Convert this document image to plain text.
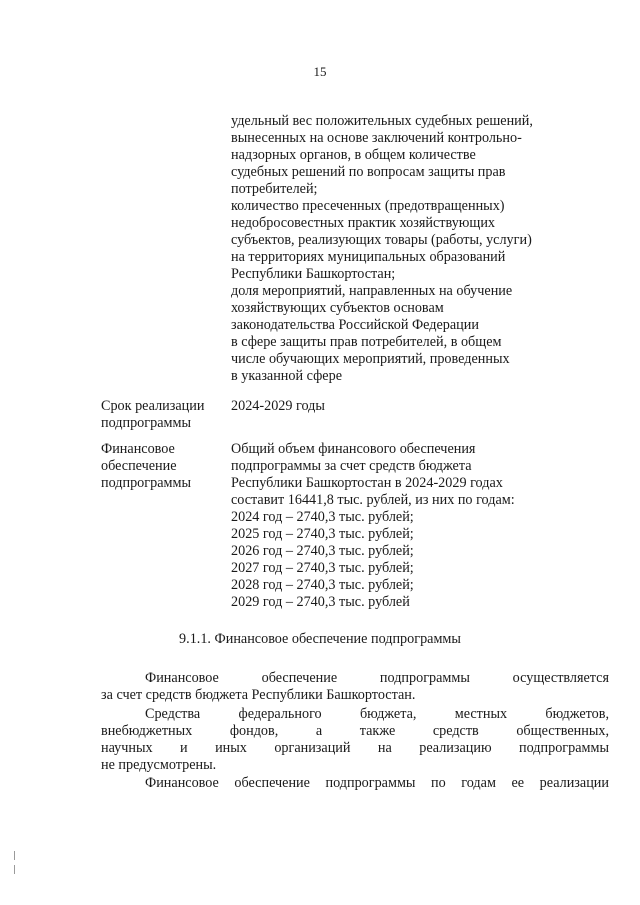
15
удельный вес положительных судебных решений,
вынесенных на основе заключений контрольно-
надзорных органов, в общем количестве
судебных решений по вопросам защиты прав
потребителей;
количество пресеченных (предотвращенных)
недобросовестных практик хозяйствующих
субъектов, реализующих товары (работы, услуги)
на территориях муниципальных образований
Республики Башкортостан;
доля мероприятий, направленных на обучение
хозяйствующих субъектов основам
законодательства Российской Федерации
в сфере защиты прав потребителей, в общем
числе обучающих мероприятий, проведенных
в указанной сфере
Срок реализации
подпрограммы
2024-2029 годы
Финансовое
обеспечение
подпрограммы
Общий объем финансового обеспечения
подпрограммы за счет средств бюджета
Республики Башкортостан в 2024-2029 годах
составит 16441,8 тыс. рублей, из них по годам:
2024 год – 2740,3 тыс. рублей;
2025 год – 2740,3 тыс. рублей;
2026 год – 2740,3 тыс. рублей;
2027 год – 2740,3 тыс. рублей;
2028 год – 2740,3 тыс. рублей;
2029 год – 2740,3 тыс. рублей
9.1.1. Финансовое обеспечение подпрограммы
Финансовое обеспечение подпрограммы осуществляется
за счет средств бюджета Республики Башкортостан.
Средства федерального бюджета, местных бюджетов,
внебюджетных фондов, а также средств общественных,
научных и иных организаций на реализацию подпрограммы
не предусмотрены.
Финансовое обеспечение подпрограммы по годам ее реализации
